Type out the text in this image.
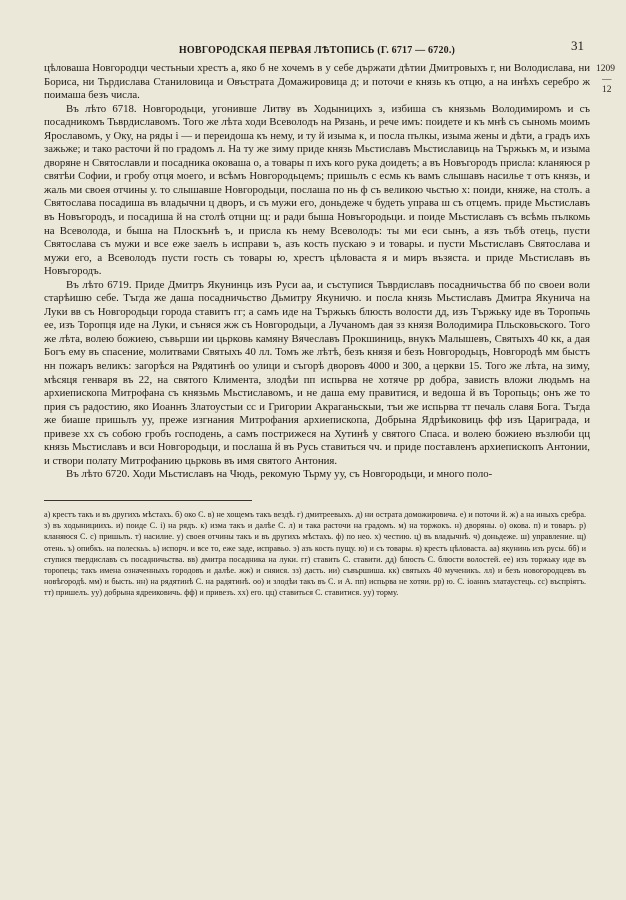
НОВГОРОДСКАЯ ПЕРВАЯ ЛѢТОПИСЬ (Г. 6717 — 6720.)	31
1209
—12

цѣловаша Новгородци честьныи хрестъ а, яко б не хочемъ в у себе държати дѣтии Дмитровыхъ г, ни Володислава, ни Бориса, ни Тьрдислава Станиловица и Овъстрата Домажировица д; и поточи е князь къ отцю, а на инѣхъ серебро ж поимаша безъ числа.

Въ лѣто 6718. Новгородьци, угонивше Литву въ Ходыницихъ з, избиша съ князьмь Володимиромъ и съ посадникомъ Тьврдиславомъ. Того же лѣта ходи Всеволодъ на Рязань, и рече имъ: поидете и къ мнѣ съ сыномь моимъ Ярославомъ, у Оку, на ряды і — и переидоша къ нему, и ту й изыма к, и посла пълкы, изыма жены и дѣти, а градъ ихъ зажьже; и тако расточи й по градомъ л. На ту же зиму приде князь Мьстиславъ Мьстиславиць на Тържькъ м, и изыма дворяне н Святославли и посадника оковаша о, а товары п ихъ кого рука доидеть; а въ Новъгородъ присла: кланяюся р святѣи Софии, и гробу отця моего, и всѣмъ Новгородьцемъ; пришьлъ с есмь къ вамъ слышавъ насилье т отъ князь, и жаль ми своея отчины у. то слышавше Новгородьци, послаша по нь ф съ великою чьстью х: поиди, княже, на столъ. а Святослава посадиша въ владычни ц дворъ, и съ мужи его, доньдеже ч будеть управа ш съ отцемъ. приде Мьстиславъ въ Новъгородъ, и посадиша й на столѣ отцни щ: и ради быша Новъгородьци. и поиде Мьстиславъ съ всѣмь пълкомь на Всеволода, и быша на Плоскънѣ ъ, и присла къ нему Всеволодъ: ты ми еси сынъ, а язъ тьбѣ отець, пусти Святослава съ мужи и все еже заелъ ь исправи ъ, азъ кость пускаю э и товары. и пусти Мьстиславъ Святослава и мужи его, а Всеволодъ пусти гость съ товары ю, хрестъ цѣловаста я и миръ възяста. и приде Мьстиславъ въ Новъгородъ.

Въ лѣто 6719. Приде Дмитръ Якунинць изъ Руси аа, и съступися Тьврдиславъ посадничьства бб по своеи воли старѣишю себе. Тъгда же даша посадничьство Дьмитру Якуничю. и посла князь Мьстиславъ Дмитра Якунича на Луки вв съ Новгородьци города ставитъ гг; а самъ иде на Тържькъ блюсть волости дд, изъ Тържьку иде въ Торопьчь ее, изъ Торопця иде на Луки, и съняся жж съ Новгородьци, а Лучаномъ дая зз князя Володимира Пльсковьского. Того же лѣта, волею божиею, съвьрши ии цьрковь камяну Вячеславъ Прокшиниць, внукъ Малышевъ, Святыхъ 40 кк, а дая Богъ ему въ спасение, молитвами Святыхъ 40 лл. Томъ же лѣтѣ, безъ князя и безъ Новгородьцъ, Новгородѣ мм быстъ нн пожаръ великъ: загорѣся на Рядятинѣ оо улици и съгорѣ дворовъ 4000 и 300, а церкви 15. Того же лѣта, на зиму, мѣсяця генваря въ 22, на святого Климента, злодѣи пп испьрва не хотяче рр добра, зависть вложи людьмъ на архиепископа Митрофана съ князьмь Мьстиславомъ, и не даша ему правитися, и ведоша й въ Торопьць; онъ же то прия съ радостию, яко Иоаннъ Златоустыи сс и Григории Акраганьскыи, тъи же испьрва тт печаль славя Бога. Тъгда же биаше пришьлъ уу, преже изгнания Митрофания архиепископа, Добрына Ядрѣиковиць фф изъ Цариграда, и привезе хх съ собою гробъ господень, а самъ пострижеся на Хутинѣ у святого Спаса. и волею божиею възлюби цц князь Мьстиславъ и вси Новгородьци, и послаша й въ Русь ставиться чч. и приде поставленъ архиепископъ Антонии, и створи полату Митрофанию цьрковь въ имя святого Антония.

Въ лѣто 6720. Ходи Мьстиславъ на Чюдь, рекомую Тьрму уу, съ Новгородьци, и много поло-

а) крестъ такъ и въ другихъ мѣстахъ. б) око С. в) не хощемъ такъ вездѣ. г) дмитреевыхъ. д) ни острата доможировича. е) и поточи й. ж) а на иныхъ сребра. з) въ ходынициихъ. и) поиде С. і) на рядъ. к) изма такъ и далѣе С. л) и така расточи на градомъ. м) на торжокъ. н) дворяны. о) окова. п) и товаръ. р) кланяюся С. с) пришьлъ. т) насилие. у) своея отчины такъ и въ другихъ мѣстахъ. ф) по нео. х) честию. ц) въ владычнѣ. ч) доньдеже. ш) управление. щ) отень. ъ) опибкъ. на полескьъ. ь) испорч. и все то, еже заде, исправьо. э) азъ кость пущу. ю) и съ товары. я) крестъ цѣловаста. аа) якунинь изъ русы. бб) и ступися твердиславъ съ посадничьства. вв) дмитра посадника на луки. гг) ставить С. ставити. дд) блюсть С. блюсти волостей. ее) изъ торжьку иде въ торопець; такъ имена означенныхъ городовъ и далѣе. жж) и сняися. зз) дасть. ии) съвършиша. кк) святыхъ 40 мученикъ. лл) и безъ новогородцевъ въ новѣгородѣ. мм) и бысть. нн) на рядятинѣ С. на радятинѣ. оо) и злодѣи такъ въ С. и А. пп) испьрва не хотяи. рр) ю. С. іоаннъ златаустець. сс) въспрiятъ. тт) пришелъ. уу) добрына ядреиковичь. фф) и привезъ. хх) его. цц) ставиться С. ставитися. уу) торму.
